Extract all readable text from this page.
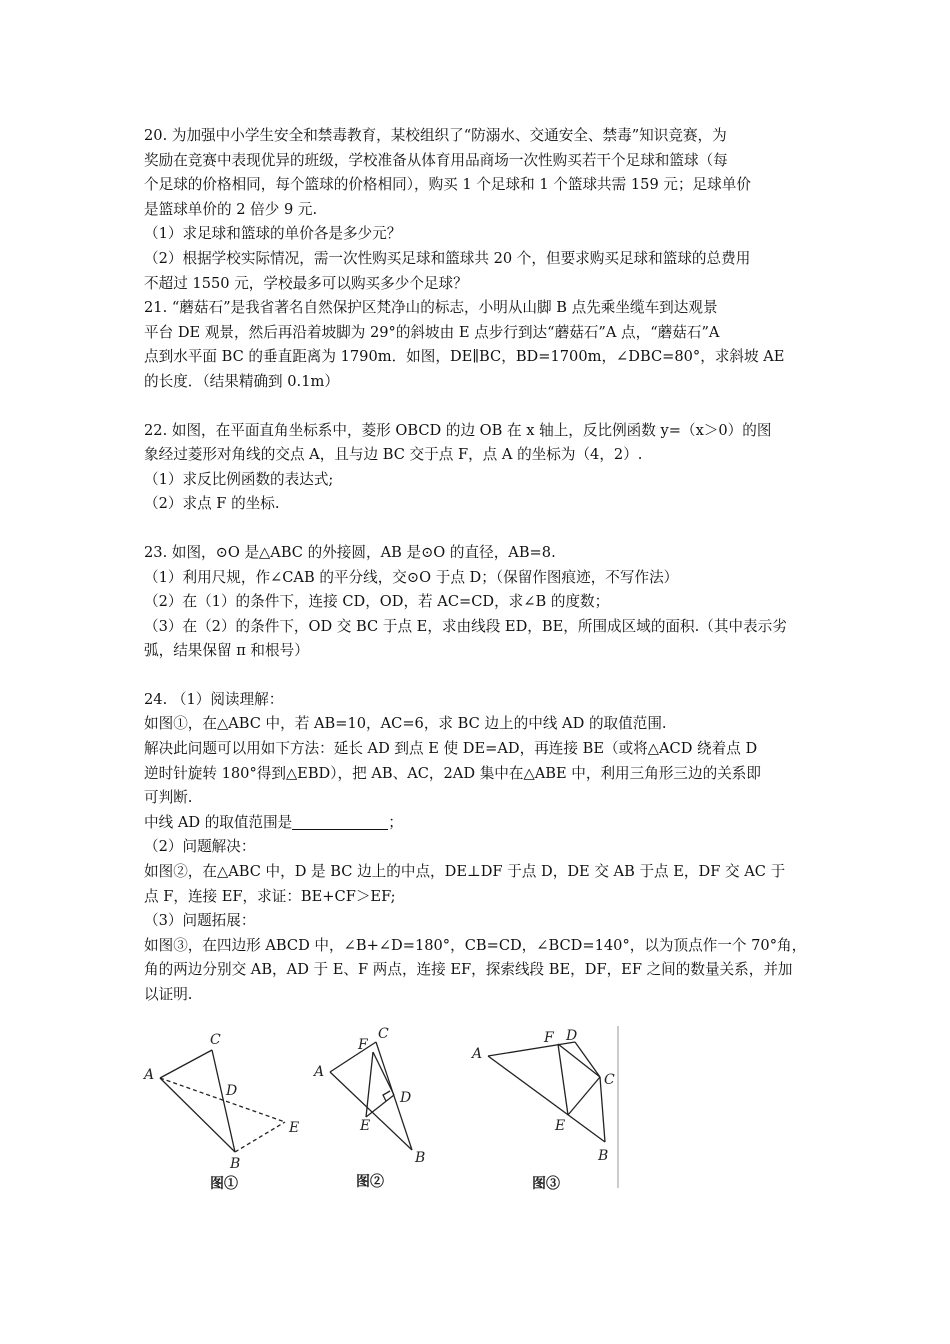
20. 为加强中小学生安全和禁毒教育，某校组织了“防溺水、交通安全、禁毒”知识竞赛，为
奖励在竞赛中表现优异的班级，学校准备从体育用品商场一次性购买若干个足球和篮球（每
个足球的价格相同，每个篮球的价格相同），购买 1 个足球和 1 个篮球共需 159 元；足球单价
是篮球单价的 2 倍少 9 元.
（1）求足球和篮球的单价各是多少元？
（2）根据学校实际情况，需一次性购买足球和篮球共 20 个，但要求购买足球和篮球的总费用
不超过 1550 元，学校最多可以购买多少个足球？
21. “蘑菇石”是我省著名自然保护区梵净山的标志，小明从山脚 B 点先乘坐缆车到达观景
平台 DE 观景，然后再沿着坡脚为 29°的斜坡由 E 点步行到达“蘑菇石”A 点，“蘑菇石”A
点到水平面 BC 的垂直距离为 1790m．如图，DE∥BC，BD=1700m，∠DBC=80°，求斜坡 AE
的长度．（结果精确到 0.1m）
22. 如图，在平面直角坐标系中，菱形 OBCD 的边 OB 在 x 轴上，反比例函数 y=（x＞0）的图
象经过菱形对角线的交点 A，且与边 BC 交于点 F，点 A 的坐标为（4，2）.
（1）求反比例函数的表达式;
（2）求点 F 的坐标.
23. 如图，⊙O 是△ABC 的外接圆，AB 是⊙O 的直径，AB=8.
（1）利用尺规，作∠CAB 的平分线，交⊙O 于点 D；（保留作图痕迹，不写作法）
（2）在（1）的条件下，连接 CD，OD，若 AC=CD，求∠B 的度数；
（3）在（2）的条件下，OD 交 BC 于点 E，求由线段 ED，BE，所围成区域的面积.（其中表示劣
弧，结果保留 π 和根号）
24. （1）阅读理解：
如图①，在△ABC 中，若 AB=10，AC=6，求 BC 边上的中线 AD 的取值范围.
解决此问题可以用如下方法：延长 AD 到点 E 使 DE=AD，再连接 BE（或将△ACD 绕着点 D
逆时针旋转 180°得到△EBD），把 AB、AC，2AD 集中在△ABE 中，利用三角形三边的关系即
可判断.
中线 AD 的取值范围是	；
（2）问题解决：
如图②，在△ABC 中，D 是 BC 边上的中点，DE⊥DF 于点 D，DE 交 AB 于点 E，DF 交 AC 于
点 F，连接 EF，求证：BE+CF＞EF;
（3）问题拓展：
如图③，在四边形 ABCD 中，∠B+∠D=180°，CB=CD，∠BCD=140°，以为顶点作一个 70°角，
角的两边分别交 AB，AD 于 E、F 两点，连接 EF，探索线段 BE，DF，EF 之间的数量关系，并加
以证明.
A
B
C
D
E
图①
A
B
C
D
E
F
图②
A
B
C
D
E
F
图③
